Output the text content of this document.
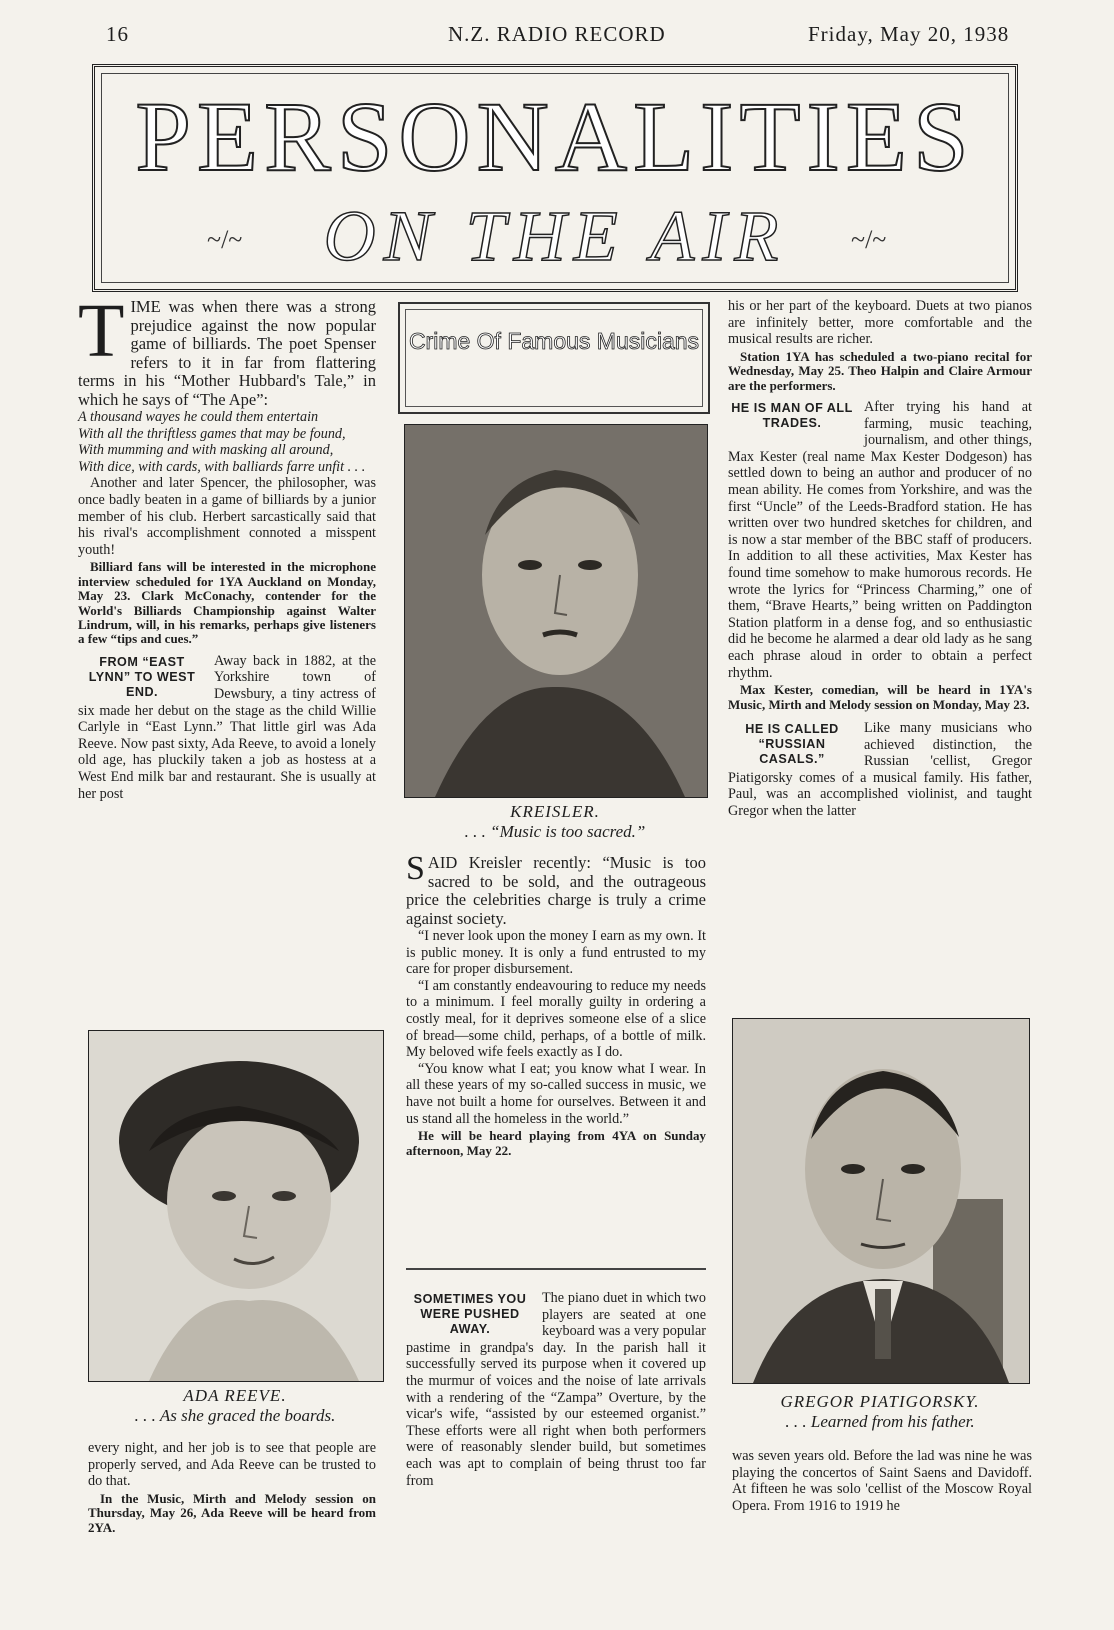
16	N.Z. RADIO RECORD	Friday, May 20, 1938
PERSONALITIES
ON THE AIR
~/~	~/~
T IME was when there was a strong prejudice against the now popular game of billiards. The poet Spenser refers to it in far from flattering terms in his “Mother Hubbard's Tale,” in which he says of “The Ape”:

A thousand wayes he could them entertain
With all the thriftless games that may be found,
With mumming and with masking all around,
With dice, with cards, with balliards farre unfit . . .

Another and later Spencer, the philosopher, was once badly beaten in a game of billiards by a junior member of his club. Herbert sarcastically said that his rival's accomplishment connoted a misspent youth!

Billiard fans will be interested in the microphone interview scheduled for 1YA Auckland on Monday, May 23. Clark McConachy, contender for the World's Billiards Championship against Walter Lindrum, will, in his remarks, perhaps give listeners a few “tips and cues.”

FROM “EAST LYNN” TO WEST END.

Away back in 1882, at the Yorkshire town of Dewsbury, a tiny actress of six made her debut on the stage as the child Willie Carlyle in “East Lynn.” That little girl was Ada Reeve. Now past sixty, Ada Reeve, to avoid a lonely old age, has pluckily taken a job as hostess at a West End milk bar and restaurant. She is usually at her post

ADA REEVE.
. . . As she graced the boards.

every night, and her job is to see that people are properly served, and Ada Reeve can be trusted to do that.

In the Music, Mirth and Melody session on Thursday, May 26, Ada Reeve will be heard from 2YA.

Crime Of Famous Musicians
KREISLER.
. . . “Music is too sacred.”
S AID Kreisler recently: “Music is too sacred to be sold, and the outrageous price the celebrities charge is truly a crime against society.

“I never look upon the money I earn as my own. It is public money. It is only a fund entrusted to my care for proper disbursement.

“I am constantly endeavouring to reduce my needs to a minimum. I feel morally guilty in ordering a costly meal, for it deprives someone else of a slice of bread—some child, perhaps, of a bottle of milk. My beloved wife feels exactly as I do.

“You know what I eat; you know what I wear. In all these years of my so-called success in music, we have not built a home for ourselves. Between it and us stand all the homeless in the world.”

He will be heard playing from 4YA on Sunday afternoon, May 22.

SOMETIMES YOU WERE PUSHED AWAY.

The piano duet in which two players are seated at one keyboard was a very popular pastime in grandpa's day. In the parish hall it successfully served its purpose when it covered up the murmur of voices and the noise of late arrivals with a rendering of the “Zampa” Overture, by the vicar's wife, “assisted by our esteemed organist.” These efforts were all right when both performers were of reasonably slender build, but sometimes each was apt to complain of being thrust too far from

his or her part of the keyboard. Duets at two pianos are infinitely better, more comfortable and the musical results are richer.

Station 1YA has scheduled a two-piano recital for Wednesday, May 25. Theo Halpin and Claire Armour are the performers.

HE IS MAN OF ALL TRADES.

After trying his hand at farming, music teaching, journalism, and other things, Max Kester (real name Max Kester Dodgeson) has settled down to being an author and producer of no mean ability. He comes from Yorkshire, and was the first “Uncle” of the Leeds-Bradford station. He has written over two hundred sketches for children, and is now a star member of the BBC staff of producers. In addition to all these activities, Max Kester has found time somehow to make humorous records. He wrote the lyrics for “Princess Charming,” one of them, “Brave Hearts,” being written on Paddington Station platform in a dense fog, and so enthusiastic did he become he alarmed a dear old lady as he sang each phrase aloud in order to obtain a perfect rhythm.

Max Kester, comedian, will be heard in 1YA's Music, Mirth and Melody session on Monday, May 23.

HE IS CALLED “RUSSIAN CASALS.”

Like many musicians who achieved distinction, the Russian 'cellist, Gregor Piatigorsky comes of a musical family. His father, Paul, was an accomplished violinist, and taught Gregor when the latter

GREGOR PIATIGORSKY.
. . . Learned from his father.

was seven years old. Before the lad was nine he was playing the concertos of Saint Saens and Davidoff. At fifteen he was solo 'cellist of the Moscow Royal Opera. From 1916 to 1919 he
